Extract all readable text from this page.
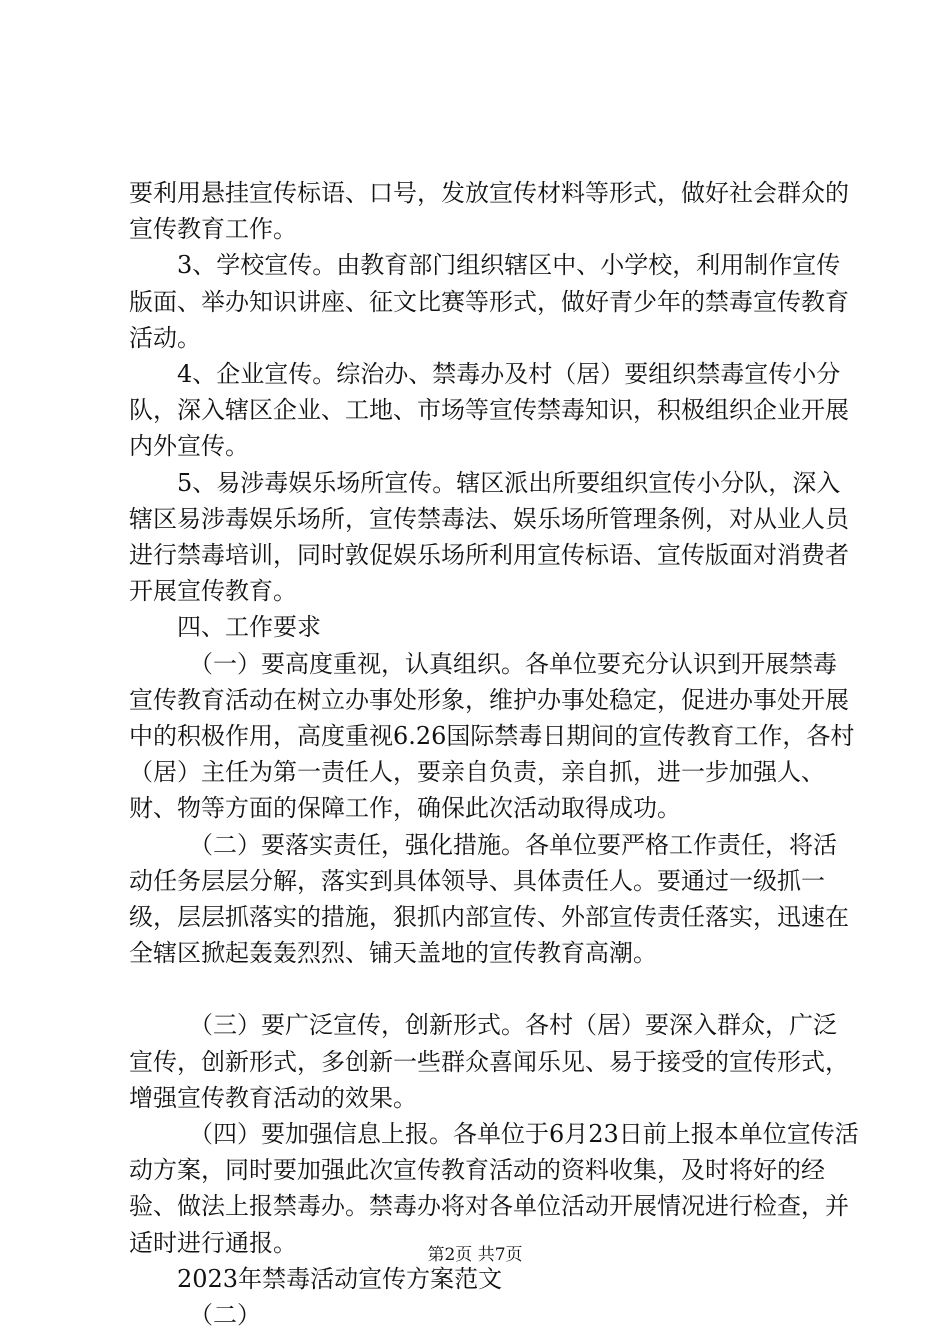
要利用悬挂宣传标语、口号，发放宣传材料等形式，做好社会群众的宣传教育工作。

3、学校宣传。由教育部门组织辖区中、小学校，利用制作宣传版面、举办知识讲座、征文比赛等形式，做好青少年的禁毒宣传教育活动。

4、企业宣传。综治办、禁毒办及村（居）要组织禁毒宣传小分队，深入辖区企业、工地、市场等宣传禁毒知识，积极组织企业开展内外宣传。

5、易涉毒娱乐场所宣传。辖区派出所要组织宣传小分队，深入辖区易涉毒娱乐场所，宣传禁毒法、娱乐场所管理条例，对从业人员进行禁毒培训，同时敦促娱乐场所利用宣传标语、宣传版面对消费者开展宣传教育。

四、工作要求

（一）要高度重视，认真组织。各单位要充分认识到开展禁毒宣传教育活动在树立办事处形象，维护办事处稳定，促进办事处开展中的积极作用，高度重视6.26国际禁毒日期间的宣传教育工作，各村（居）主任为第一责任人，要亲自负责，亲自抓，进一步加强人、财、物等方面的保障工作，确保此次活动取得成功。

（二）要落实责任，强化措施。各单位要严格工作责任，将活动任务层层分解，落实到具体领导、具体责任人。要通过一级抓一级，层层抓落实的措施，狠抓内部宣传、外部宣传责任落实，迅速在全辖区掀起轰轰烈烈、铺天盖地的宣传教育高潮。

（三）要广泛宣传，创新形式。各村（居）要深入群众，广泛宣传，创新形式，多创新一些群众喜闻乐见、易于接受的宣传形式，增强宣传教育活动的效果。

（四）要加强信息上报。各单位于6月23日前上报本单位宣传活动方案，同时要加强此次宣传教育活动的资料收集，及时将好的经验、做法上报禁毒办。禁毒办将对各单位活动开展情况进行检查，并适时进行通报。

2023年禁毒活动宣传方案范文

（二）

第2页 共7页
